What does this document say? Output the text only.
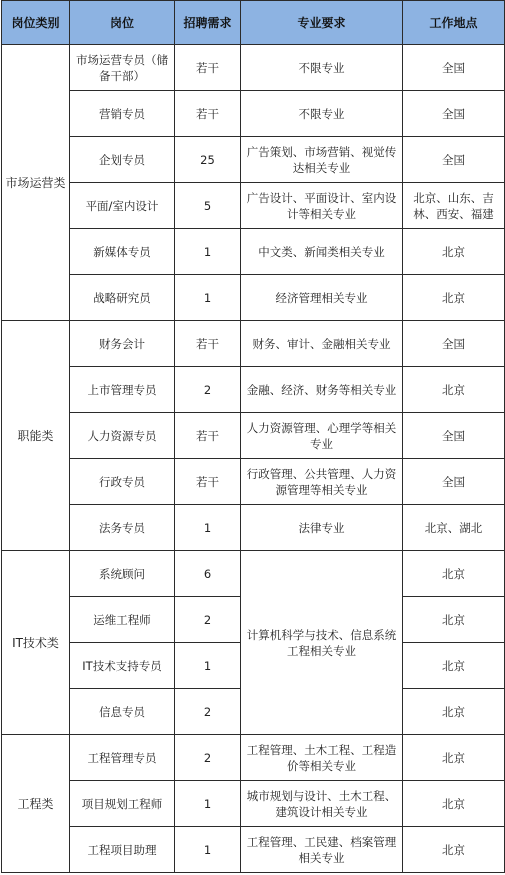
岗位类别	岗位	招聘需求	专业要求	工作地点
市场运营类	市场运营专员（储备干部）	若干	不限专业	全国
	营销专员	若干	不限专业	全国
	企划专员	25	广告策划、市场营销、视觉传达相关专业	全国
	平面/室内设计	5	广告设计、平面设计、室内设计等相关专业	北京、山东、吉林、西安、福建
	新媒体专员	1	中文类、新闻类相关专业	北京
	战略研究员	1	经济管理相关专业	北京
职能类	财务会计	若干	财务、审计、金融相关专业	全国
	上市管理专员	2	金融、经济、财务等相关专业	北京
	人力资源专员	若干	人力资源管理、心理学等相关专业	全国
	行政专员	若干	行政管理、公共管理、人力资源管理等相关专业	全国
	法务专员	1	法律专业	北京、湖北
IT技术类	系统顾问	6	计算机科学与技术、信息系统工程相关专业	北京
	运维工程师	2		北京
	IT技术支持专员	1		北京
	信息专员	2		北京
工程类	工程管理专员	2	工程管理、土木工程、工程造价等相关专业	北京
	项目规划工程师	1	城市规划与设计、土木工程、建筑设计相关专业	北京
	工程项目助理	1	工程管理、工民建、档案管理相关专业	北京
